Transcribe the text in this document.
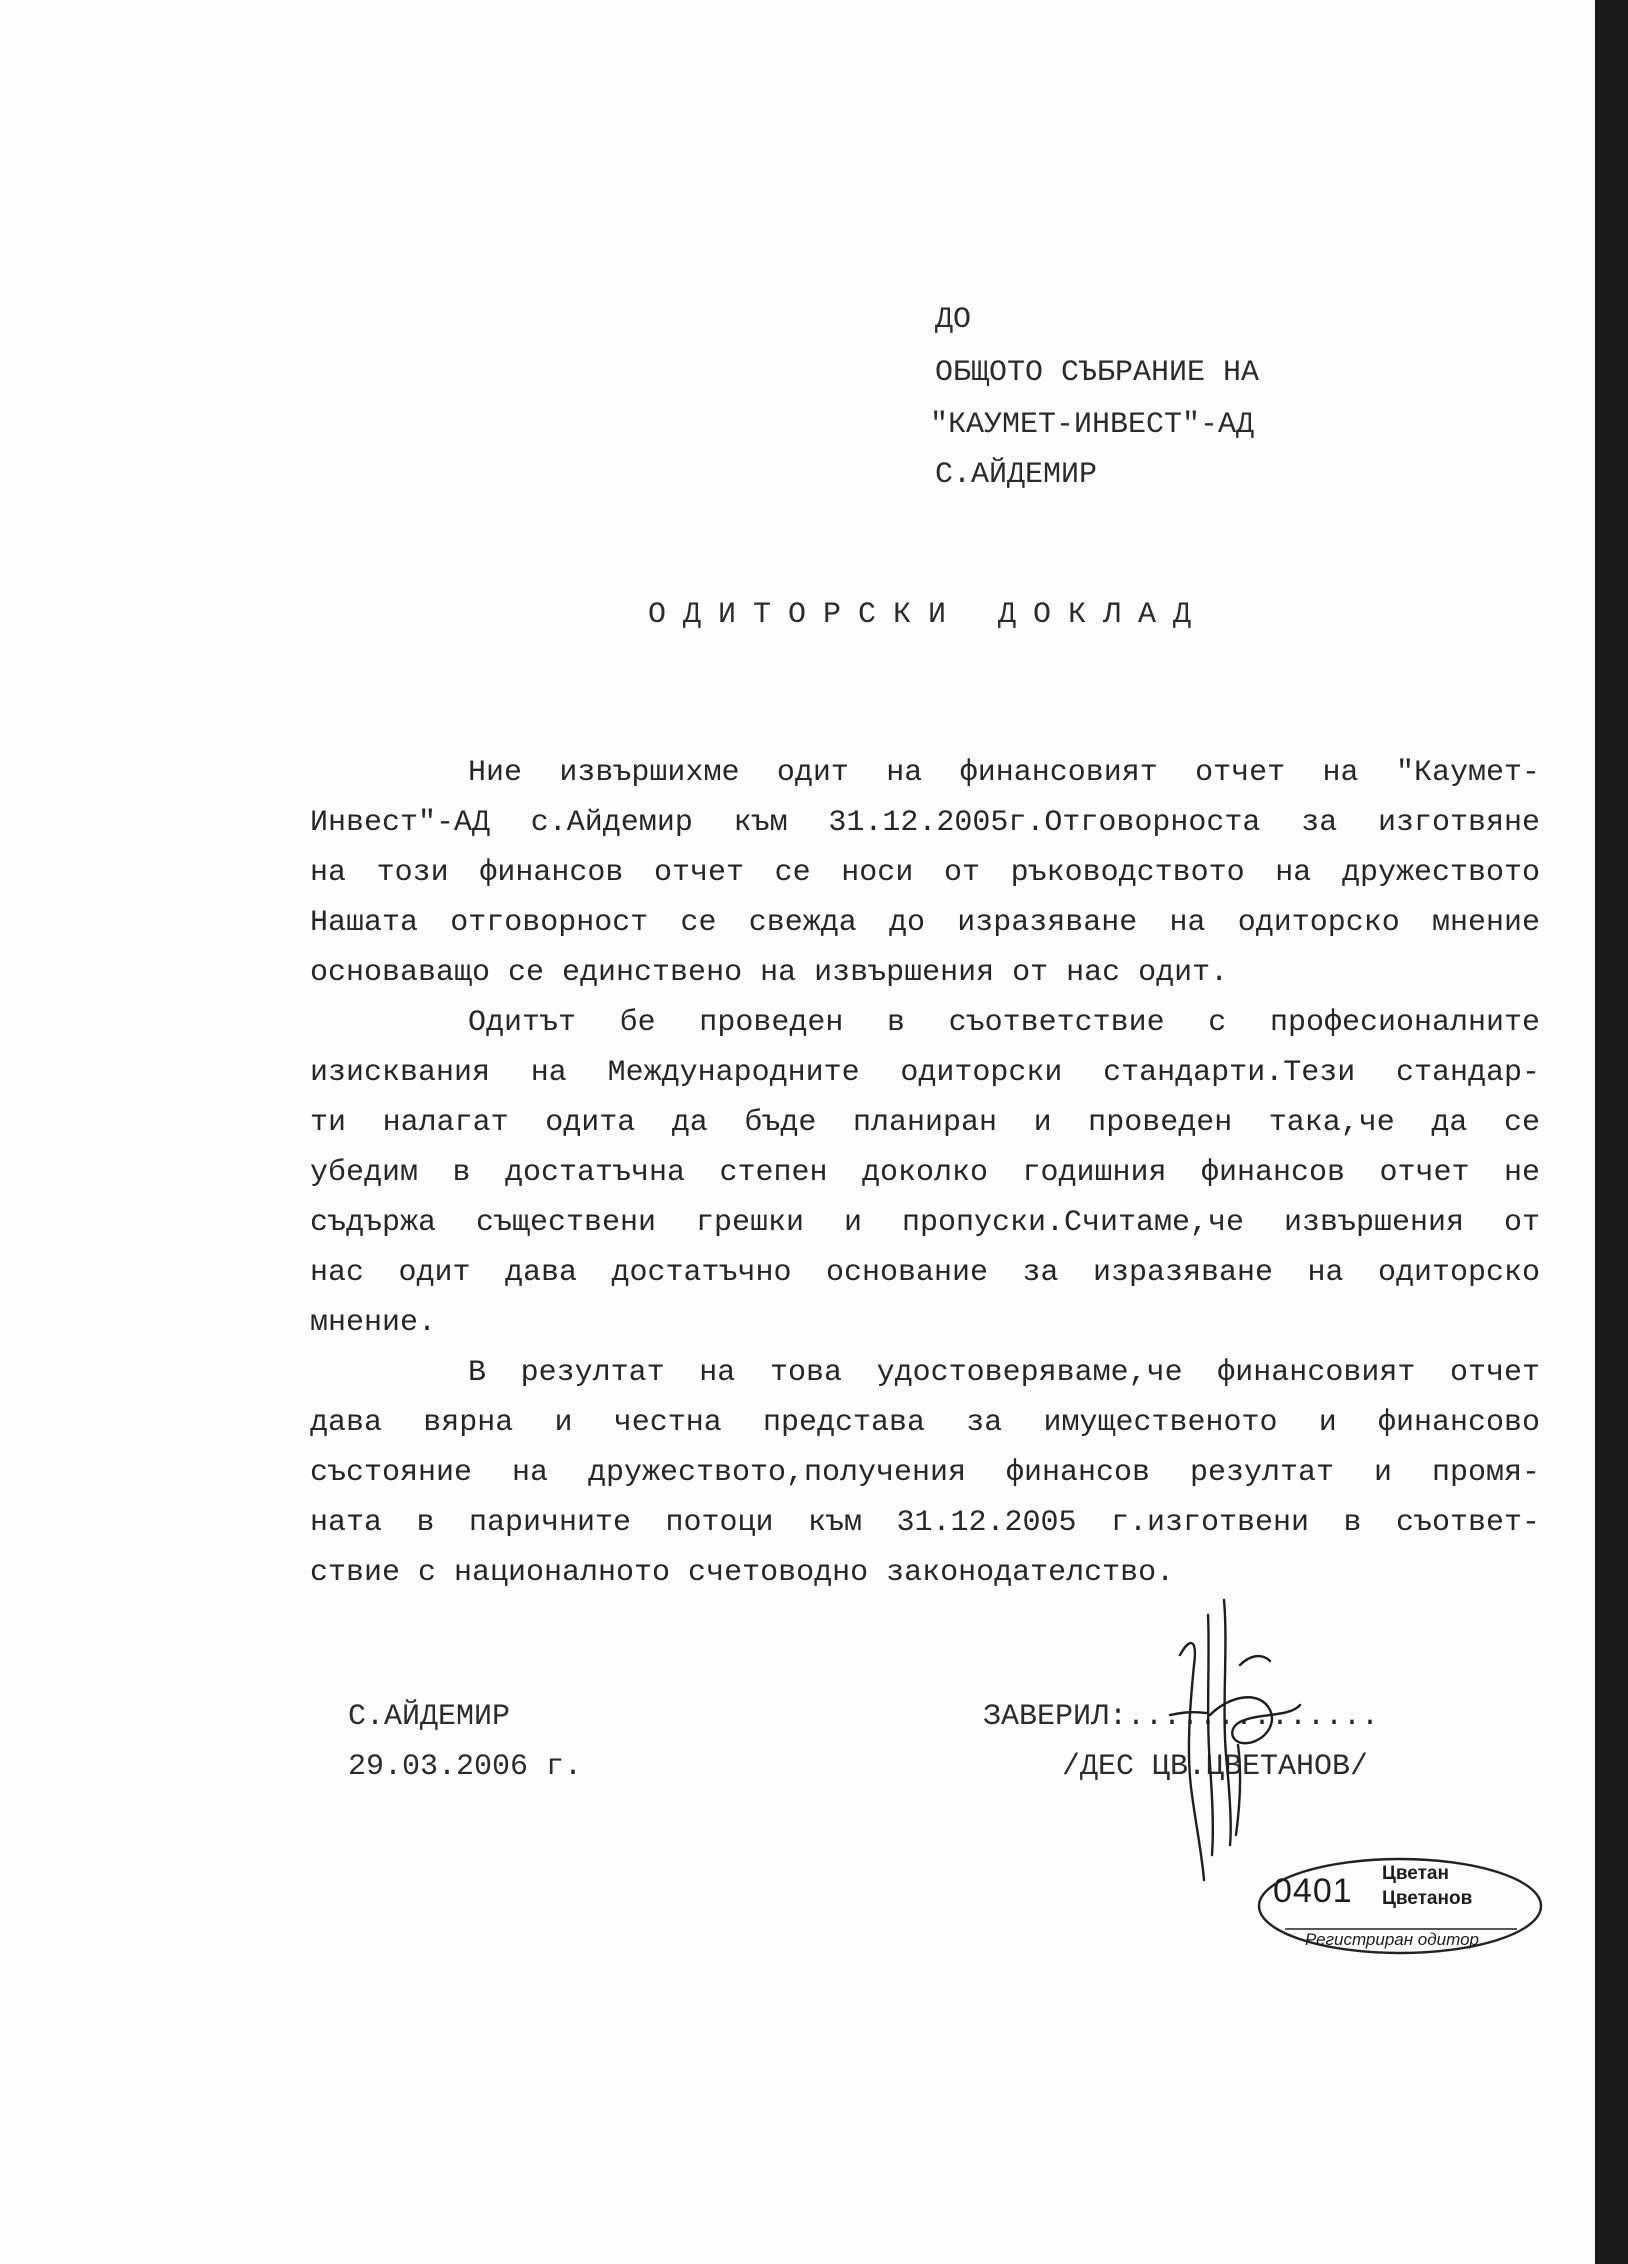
ДО
ОБЩОТО СЪБРАНИЕ НА
"КАУМЕТ-ИНВЕСТ"-АД
С.АЙДЕМИР
ОДИТОРСКИ ДОКЛАД
Ние извършихме одит на финансовият отчет на "Каумет-
Инвест"-АД с.Айдемир към 31.12.2005г.Отговорноста за изготвяне
на този финансов отчет се носи от ръководството на дружеството
Нашата отговорност се свежда до изразяване на одиторско мнение
основаващо се единствено на извършения от нас одит.
Одитът бе проведен в съответствие с професионалните
изисквания на Международните одиторски стандарти.Тези стандар-
ти налагат одита да бъде планиран и проведен така,че да се
убедим в достатъчна степен доколко годишния финансов отчет не
съдържа съществени грешки и пропуски.Считаме,че извършения от
нас одит дава достатъчно основание за изразяване на одиторско
мнение.
В резултат на това удостоверяваме,че финансовият отчет
дава вярна и честна представа за имущественото и финансово
състояние на дружеството,получения финансов резултат и промя-
ната в паричните потоци към 31.12.2005 г.изготвени в съответ-
ствие с националното счетоводно законодателство.
С.АЙДЕМИР
29.03.2006 г.
ЗАВЕРИЛ:..............
/ДЕС ЦВ.ЦВЕТАНОВ/
0401 Цветан
Цветанов
Регистриран одитор
